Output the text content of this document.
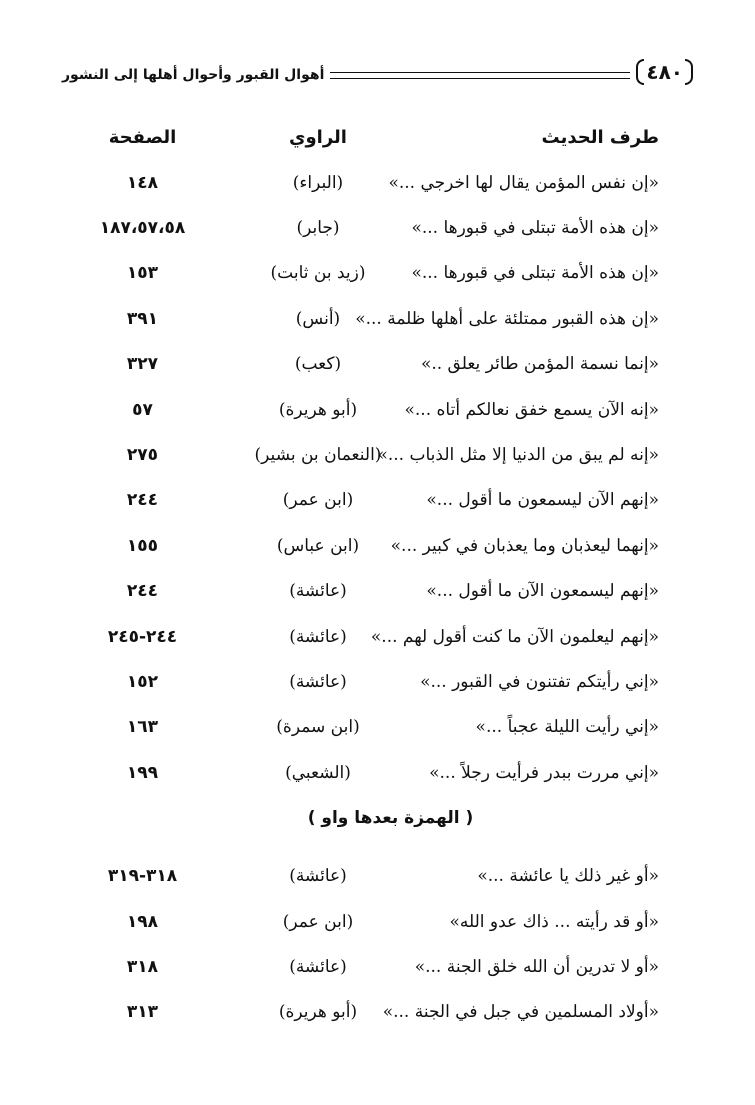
٤٨٠
أهوال القبور وأحوال أهلها إلى النشور
طرف الحديث
الراوي
الصفحة
«إن نفس المؤمن يقال لها اخرجي ...»
(البراء)
١٤٨
«إن هذه الأمة تبتلى في قبورها ...»
(جابر)
١٨٧،٥٧،٥٨
«إن هذه الأمة تبتلى في قبورها ...»
(زيد بن ثابت)
١٥٣
«إن هذه القبور ممتلئة على أهلها ظلمة ...»
(أنس)
٣٩١
«إنما نسمة المؤمن طائر يعلق ..»
(كعب)
٣٢٧
«إنه الآن يسمع خفق نعالكم أتاه ...»
(أبو هريرة)
٥٧
«إنه لم يبق من الدنيا إلا مثل الذباب ...»
(النعمان بن بشير)
٢٧٥
«إنهم الآن ليسمعون ما أقول ...»
(ابن عمر)
٢٤٤
«إنهما ليعذبان وما يعذبان في كبير ...»
(ابن عباس)
١٥٥
«إنهم ليسمعون الآن ما أقول ...»
(عائشة)
٢٤٤
«إنهم ليعلمون الآن ما كنت أقول لهم ...»
(عائشة)
٢٤٤-٢٤٥
«إني رأيتكم تفتنون في القبور ...»
(عائشة)
١٥٢
«إني رأيت الليلة عجباً ...»
(ابن سمرة)
١٦٣
«إني مررت ببدر فرأيت رجلاً ...»
(الشعبي)
١٩٩
( الهمزة بعدها واو )
«أو غير ذلك يا عائشة ...»
(عائشة)
٣١٨-٣١٩
«أو قد رأيته ... ذاك عدو الله»
(ابن عمر)
١٩٨
«أو لا تدرين أن الله خلق الجنة ...»
(عائشة)
٣١٨
«أولاد المسلمين في جبل في الجنة ...»
(أبو هريرة)
٣١٣
